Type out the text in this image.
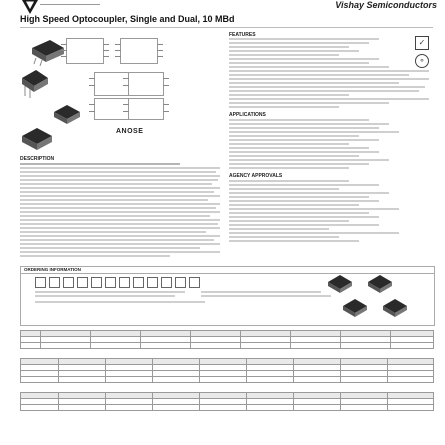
Vishay Semiconductors
High Speed Optocoupler, Single and Dual, 10 MBd
ANOSE
DESCRIPTION
FEATURES
✓
⚬
APPLICATIONS
AGENCY APPROVALS
ORDERING INFORMATION
